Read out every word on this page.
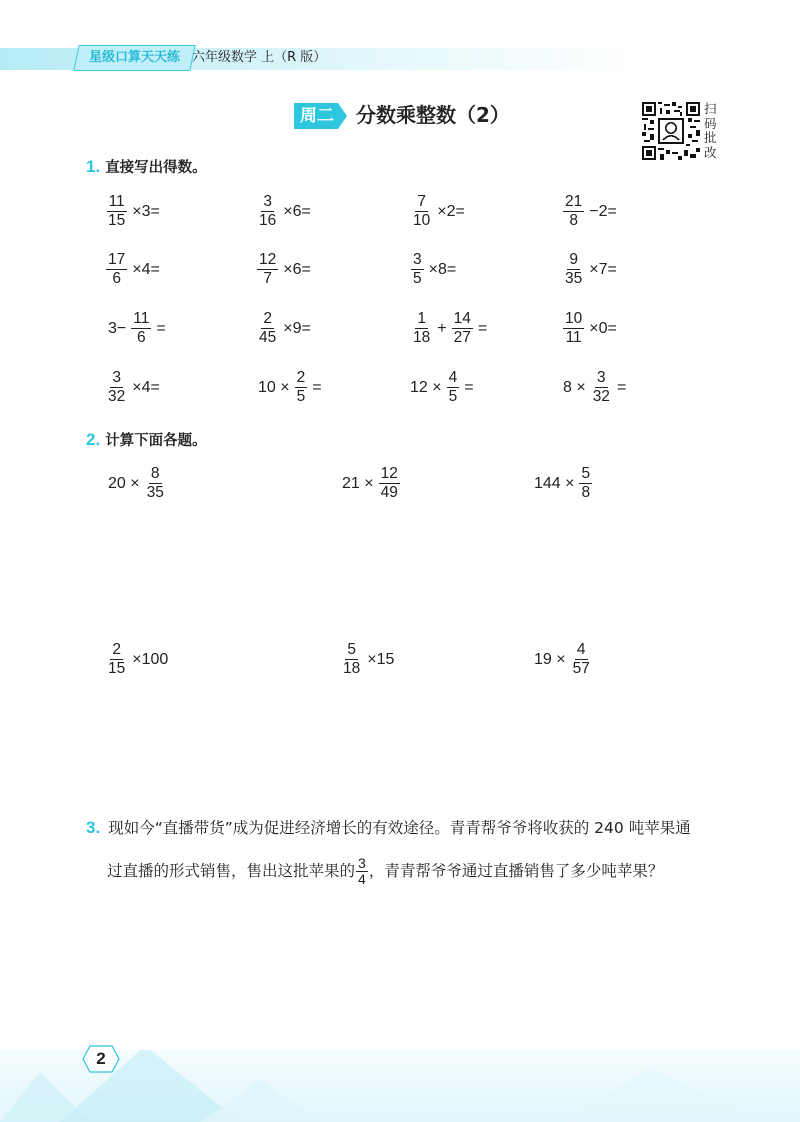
星级口算天天练 六年级数学 上（R 版）
周二	分数乘整数（2）	扫
码
批
改
1. 直接写出得数。
$\frac{11}{15} \times 3=$	$\frac{3}{16} \times 6=$	$\frac{7}{10} \times 2=$	$\frac{21}{8} -2=$
$\frac{17}{6} \times 4=$	$\frac{12}{7} \times 6=$	$\frac{3}{5} \times 8=$	$\frac{9}{35} \times 7=$
$3- \frac{11}{6}$ =	$\frac{2}{45} \times 9=$	$\frac{1}{18} + \frac{14}{27}$ =	$\frac{10}{11} \times 0=$
$\frac{3}{32} \times 4=$	$10 \times \frac{2}{5}$ =	$12 \times \frac{4}{5}$ =	$8 \times \frac{3}{32}$ =
2. 计算下面各题。
$20 \times \frac{8}{35}$	$21 \times \frac{12}{49}$	$144 \times \frac{5}{8}$
$\frac{2}{15} \times 100$	$\frac{5}{18} \times 15$	$19 \times \frac{4}{57}$
3. 现如今“直播带货”成为促进经济增长的有效途径。青青帮爷爷将收获的 240 吨苹果通
过直播的形式销售，售出这批苹果的 $\frac{3}{4}$ ，青青帮爷爷通过直播销售了多少吨苹果？
2
